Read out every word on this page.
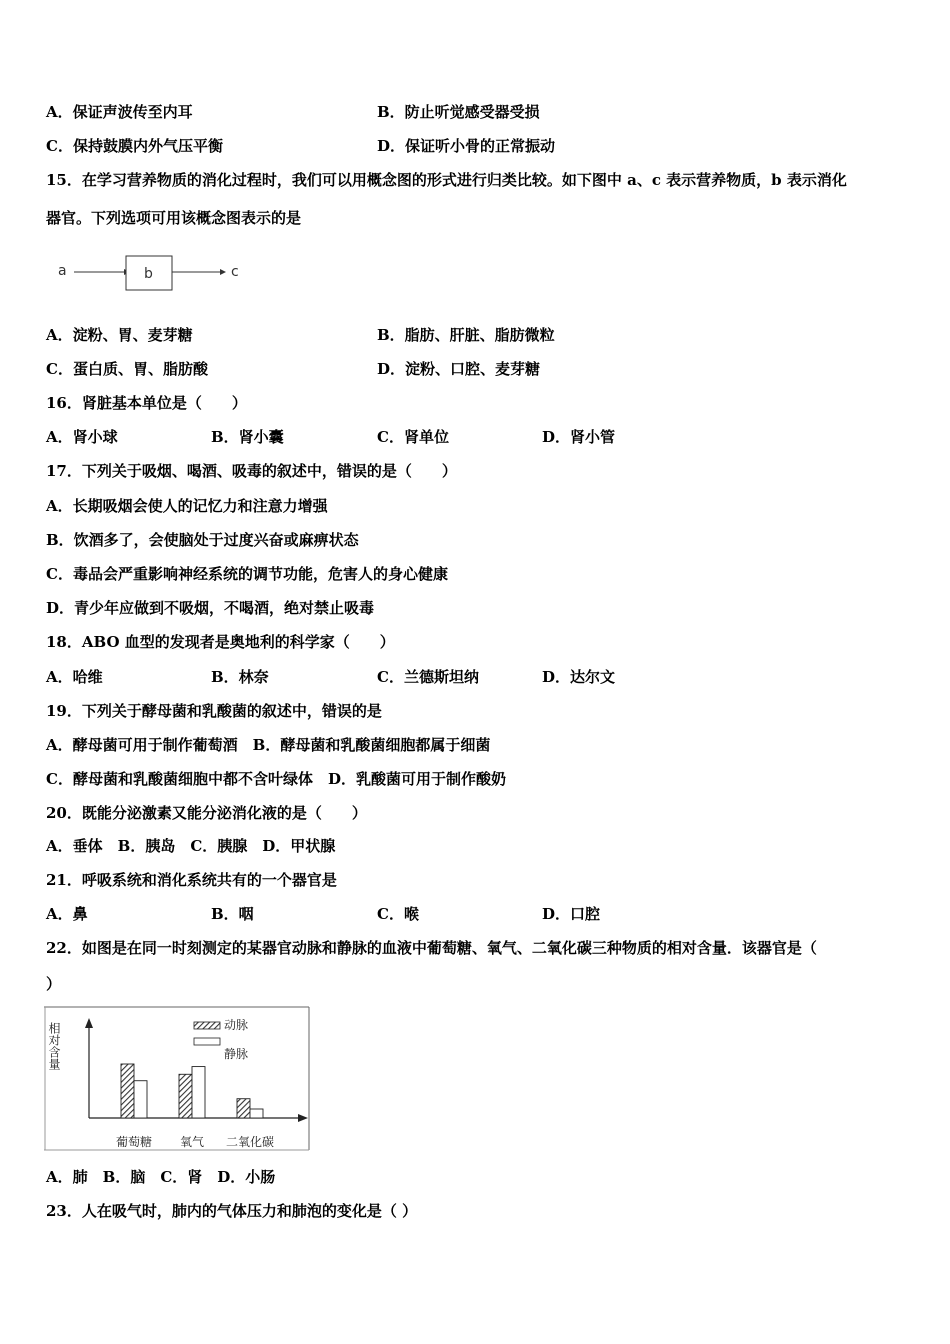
A．保证声波传至内耳	B．防止听觉感受器受损
C．保持鼓膜内外气压平衡	D．保证听小骨的正常振动
15．在学习营养物质的消化过程时，我们可以用概念图的形式进行归类比较。如下图中 a、c 表示营养物质，b 表示消化
器官。下列选项可用该概念图表示的是
a	b	c
A．淀粉、胃、麦芽糖	B．脂肪、肝脏、脂肪微粒
C．蛋白质、胃、脂肪酸	D．淀粉、口腔、麦芽糖
16．肾脏基本单位是（　　）
A．肾小球	B．肾小囊	C．肾单位	D．肾小管
17．下列关于吸烟、喝酒、吸毒的叙述中，错误的是（　　）
A．长期吸烟会使人的记忆力和注意力增强
B．饮酒多了，会使脑处于过度兴奋或麻痹状态
C．毒品会严重影响神经系统的调节功能，危害人的身心健康
D．青少年应做到不吸烟，不喝酒，绝对禁止吸毒
18．ABO 血型的发现者是奥地利的科学家（　　）
A．哈维	B．林奈	C．兰德斯坦纳	D．达尔文
19．下列关于酵母菌和乳酸菌的叙述中，错误的是
A．酵母菌可用于制作葡萄酒　B．酵母菌和乳酸菌细胞都属于细菌
C．酵母菌和乳酸菌细胞中都不含叶绿体　D．乳酸菌可用于制作酸奶
20．既能分泌激素又能分泌消化液的是（　　）
A．垂体　B．胰岛　C．胰腺　D．甲状腺
21．呼吸系统和消化系统共有的一个器官是
A．鼻	B．咽	C．喉	D．口腔
22．如图是在同一时刻测定的某器官动脉和静脉的血液中葡萄糖、氧气、二氧化碳三种物质的相对含量．该器官是（
）
相对含量	动脉
静脉
葡萄糖 氧气 二氧化碳
A．肺　B．脑　C．肾　D．小肠
23．人在吸气时，肺内的气体压力和肺泡的变化是（ ）
